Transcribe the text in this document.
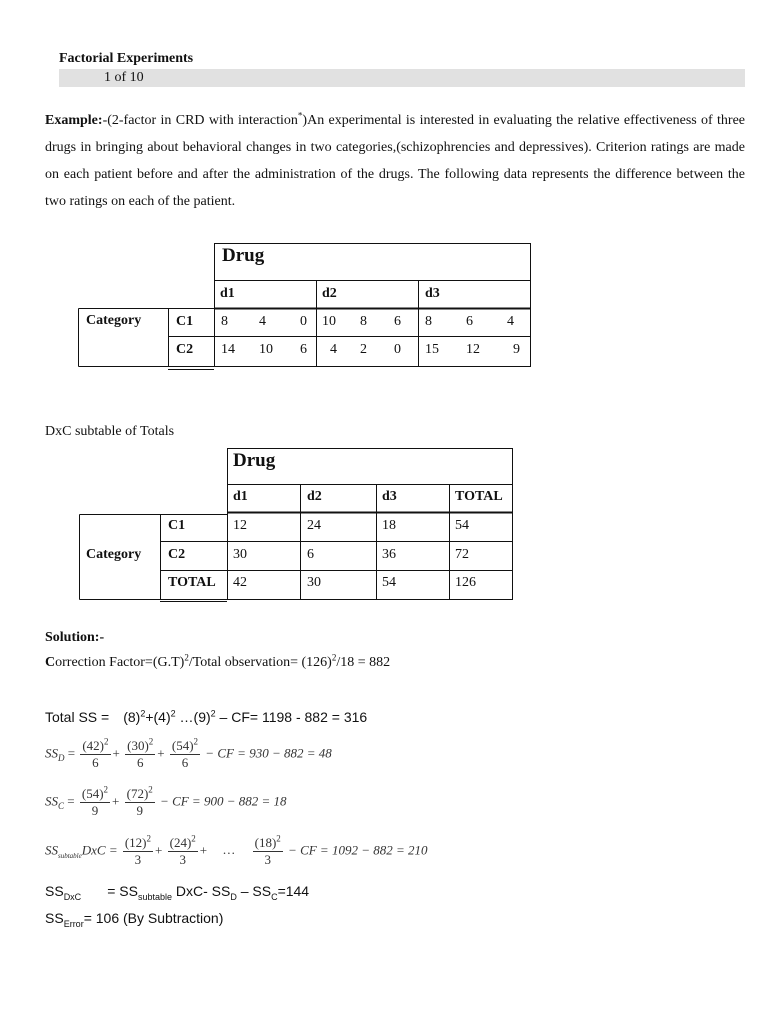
Factorial Experiments
1 of 10
Example:-(2-factor in CRD with interaction*)An experimental is interested in evaluating the relative effectiveness of three drugs in bringing about behavioral changes in two categories,(schizophrencies and depressives). Criterion ratings are made on each patient before and after the administration of the drugs. The following data represents the difference between the two ratings on each of the patient.
Drug
d1	d2	d3
Category C1 8 4 0 10 8 6 8 6 4
C2 14 10 6 4 2 0 15 12 9
DxC subtable of Totals
Drug
d1	d2	d3	TOTAL
Category
C1	12	24	18	54
C2	30	6	36	72
TOTAL 42	30	54	126
Solution:-
Correction $Factor=(G.T)^2$/Total observation= $(126)^2/18 = 882$
Total SS = $(8)^2+(4)^2$ $\dots(9)^2 - CF= 1198 - 882 = 316$
$SS_D = \frac{(42)^2}{6} + \frac{(30)^2}{6} + \frac{(54)^2}{6}$ − CF = 930 − 882 = 48
$SS_C = \frac{(54)^2}{9} + \frac{(72)^2}{9}$ − CF = 900 − 882 = 18
$SS_{subtable}DxC = \frac{(12)^2}{3} + \frac{(24)^2}{3}$ + … $\frac{(18)^2}{3}$ − CF = 1092 − 882 = 210
$SS_{DxC} = SS_{subtable}$ DxC- $SS_D - SS_C=144$
$SS_{Error}= 106$ (By Subtraction)
